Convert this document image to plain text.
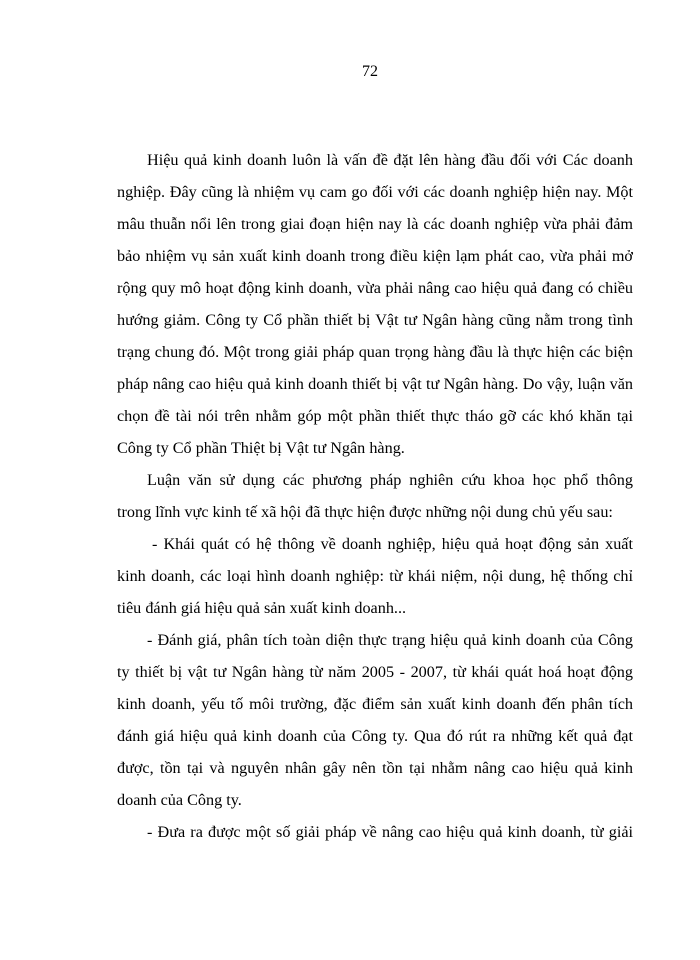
72
Hiệu quả kinh doanh luôn là vấn đề đặt lên hàng đầu đối với Các doanh
nghiệp. Đây cũng là nhiệm vụ cam go đối với các doanh nghiệp hiện nay. Một
mâu thuẫn nổi lên trong giai đoạn hiện nay là các doanh nghiệp vừa phải đảm
bảo nhiệm vụ sản xuất kinh doanh trong điều kiện lạm phát cao, vừa phải mở
rộng quy mô hoạt động kinh doanh, vừa phải nâng cao hiệu quả đang có chiều
hướng giảm. Công ty Cổ phần thiết bị Vật tư Ngân hàng cũng nằm trong tình
trạng chung đó. Một trong giải pháp quan trọng hàng đầu là thực hiện các biện
pháp nâng cao hiệu quả kinh doanh thiết bị vật tư Ngân hàng. Do vậy, luận văn
chọn đề tài nói trên nhằm góp một phần thiết thực tháo gỡ các khó khăn tại
Công ty Cổ phần Thiệt bị Vật tư Ngân hàng.
Luận văn sử dụng các phương pháp nghiên cứu khoa học phổ thông
trong lĩnh vực kinh tế xã hội đã thực hiện được những nội dung chủ yếu sau:
- Khái quát có hệ thông về doanh nghiệp, hiệu quả hoạt động sản xuất
kinh doanh, các loại hình doanh nghiệp: từ khái niệm, nội dung, hệ thống chỉ
tiêu đánh giá hiệu quả sản xuất kinh doanh...
- Đánh giá, phân tích toàn diện thực trạng hiệu quả kinh doanh của Công
ty thiết bị vật tư Ngân hàng từ năm 2005 - 2007, từ khái quát hoá hoạt động
kinh doanh, yếu tố môi trường, đặc điểm sản xuất kinh doanh đến phân tích
đánh giá hiệu quả kinh doanh của Công ty. Qua đó rút ra những kết quả đạt
được, tồn tại và nguyên nhân gây nên tồn tại nhằm nâng cao hiệu quả kinh
doanh của Công ty.
- Đưa ra được một số giải pháp về nâng cao hiệu quả kinh doanh, từ giải
